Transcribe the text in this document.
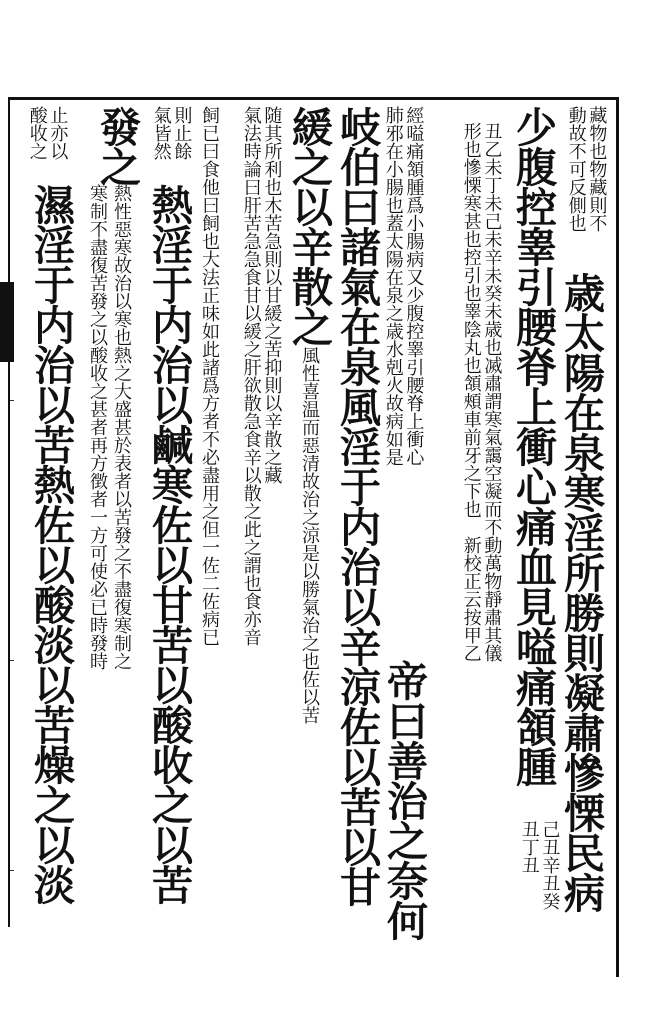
藏物也物藏則不
動故不可反側也
歳太陽在泉寒淫所勝則凝肅慘慄民病
少腹控睾引腰脊上衝心痛血見嗌痛頷腫
己丑辛丑癸
丑丁丑
丑乙未丁未己未辛未癸未歳也㓕肅謂寒氣靄空凝而不動萬物靜肅其儀
形也慘慄寒甚也控引也睾陰丸也頷頰車前牙之下也　新校正云按甲乙
經嗌痛頷腫爲小腸病又少腹控睾引腰脊上衝心
肺邪在小腸也蓋太陽在泉之歳水剋火故病如是
帝曰善治之奈何
岐伯曰諸氣在泉風淫于内治以辛涼佐以苦以甘
緩之以辛散之
風性喜温而惡清故治之涼是以勝氣治之也佐以苦
随其所利也木苦急則以甘緩之苦抑則以辛散之藏
氣法時論曰肝苦急急食甘以緩之肝欲散急食辛以散之此之謂也食亦音
飼已曰食他曰飼也大法正味如此諸爲方者不必盡用之但一佐二佐病已
則止餘
氣皆然
熱淫于内治以鹹寒佐以甘苦以酸收之以苦
發之
熱性惡寒故治以寒也熱之大盛甚於表者以苦發之不盡復寒制之
寒制不盡復苦發之以酸收之甚者再方徴者一方可使必已時發時
止亦以
酸收之
濕淫于内治以苦熱佐以酸淡以苦燥之以淡
